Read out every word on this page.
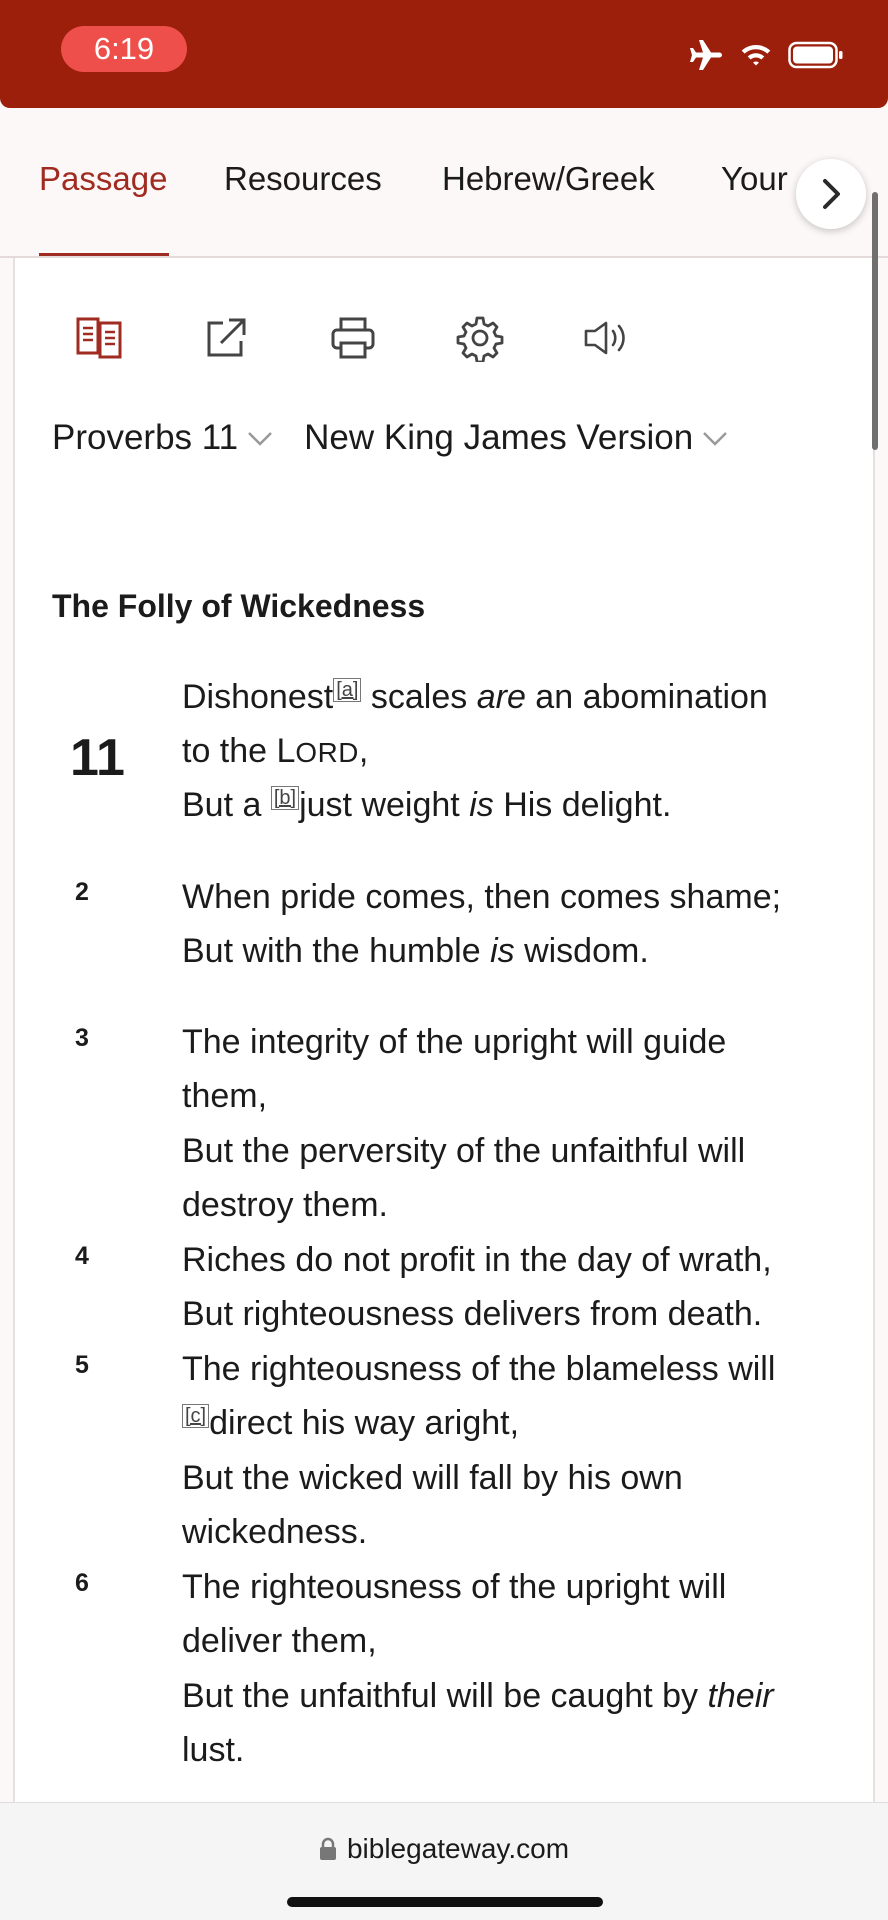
6:19
Passage Resources Hebrew/Greek Your
Proverbs 11 New King James Version
The Folly of Wickedness
11
Dishonest [a] scales are an abomination
to the LORD,
But a [b]just weight is His delight.
2	When pride comes, then comes shame;
But with the humble is wisdom.
3	The integrity of the upright will guide
them,
But the perversity of the unfaithful will
destroy them.
4	Riches do not profit in the day of wrath,
But righteousness delivers from death.
5	The righteousness of the blameless will
[c]direct his way aright,
But the wicked will fall by his own
wickedness.
6	The righteousness of the upright will
deliver them,
But the unfaithful will be caught by their
lust.
biblegateway.com
